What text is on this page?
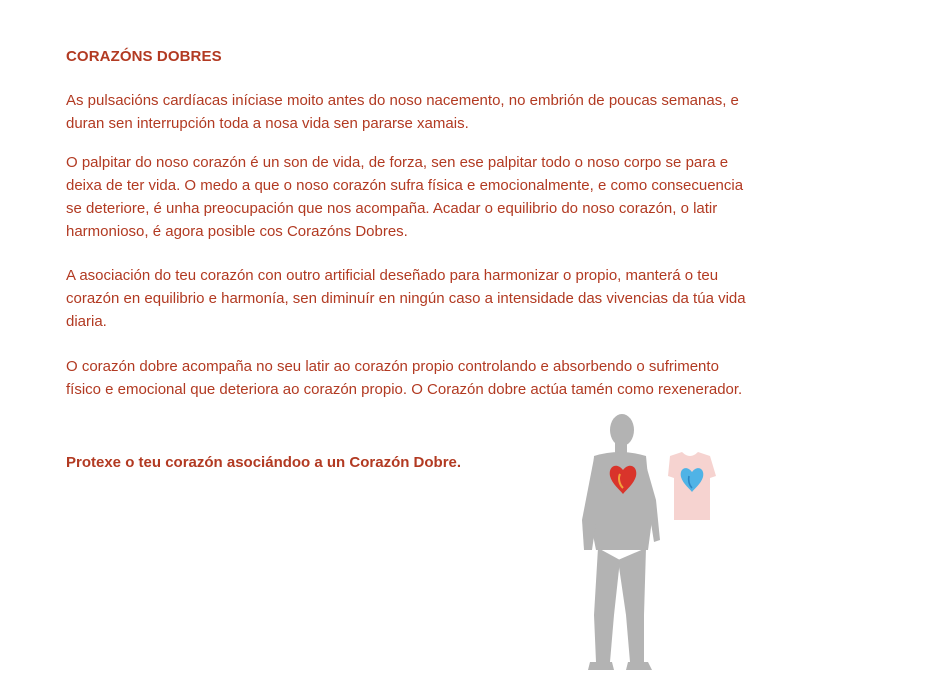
CORAZÓNS DOBRES
As pulsacións cardíacas iníciase moito antes do noso nacemento, no embrión de poucas semanas, e duran sen interrupción toda a nosa vida sen pararse xamais.
O palpitar do noso corazón é un son de vida, de forza, sen ese palpitar todo o noso corpo se para e deixa de ter vida. O medo a que o noso corazón sufra física e emocionalmente, e como consecuencia se deteriore, é unha preocupación que nos acompaña. Acadar o equilibrio do noso corazón, o latir harmonioso, é agora posible cos Corazóns Dobres.
A asociación do teu corazón con outro artificial deseñado para harmonizar o propio, manterá o teu corazón en equilibrio e harmonía, sen diminuír en ningún caso a intensidade das vivencias da túa vida diaria.
O corazón dobre acompaña no seu latir ao corazón propio controlando e absorbendo o sufrimento físico e emocional que deteriora ao corazón propio. O Corazón dobre actúa tamén como rexenerador.
Protexe o teu corazón asociándoo a un Corazón Dobre.
